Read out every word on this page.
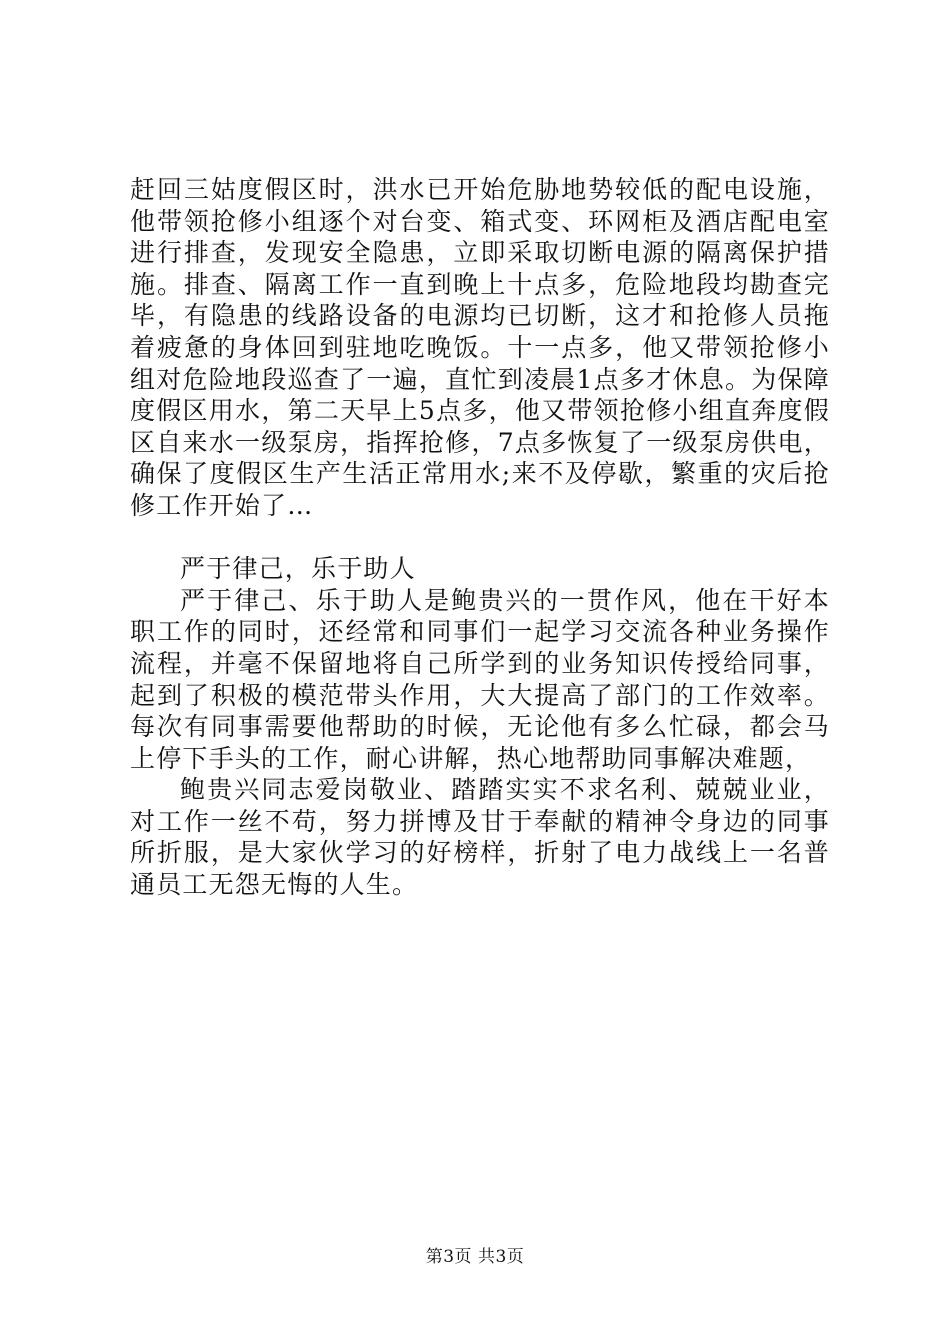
赶回三姑度假区时，洪水已开始危胁地势较低的配电设施，他带领抢修小组逐个对台变、箱式变、环网柜及酒店配电室进行排查，发现安全隐患，立即采取切断电源的隔离保护措施。排查、隔离工作一直到晚上十点多，危险地段均勘查完毕，有隐患的线路设备的电源均已切断，这才和抢修人员拖着疲惫的身体回到驻地吃晚饭。十一点多，他又带领抢修小组对危险地段巡查了一遍，直忙到凌晨1点多才休息。为保障度假区用水，第二天早上5点多，他又带领抢修小组直奔度假区自来水一级泵房，指挥抢修，7点多恢复了一级泵房供电，确保了度假区生产生活正常用水;来不及停歇，繁重的灾后抢修工作开始了…

严于律己，乐于助人

严于律己、乐于助人是鲍贵兴的一贯作风，他在干好本职工作的同时，还经常和同事们一起学习交流各种业务操作流程，并毫不保留地将自己所学到的业务知识传授给同事，起到了积极的模范带头作用，大大提高了部门的工作效率。每次有同事需要他帮助的时候，无论他有多么忙碌，都会马上停下手头的工作，耐心讲解，热心地帮助同事解决难题，

鲍贵兴同志爱岗敬业、踏踏实实不求名利、兢兢业业，对工作一丝不苟，努力拼博及甘于奉献的精神令身边的同事所折服，是大家伙学习的好榜样，折射了电力战线上一名普通员工无怨无悔的人生。

第3页 共3页
